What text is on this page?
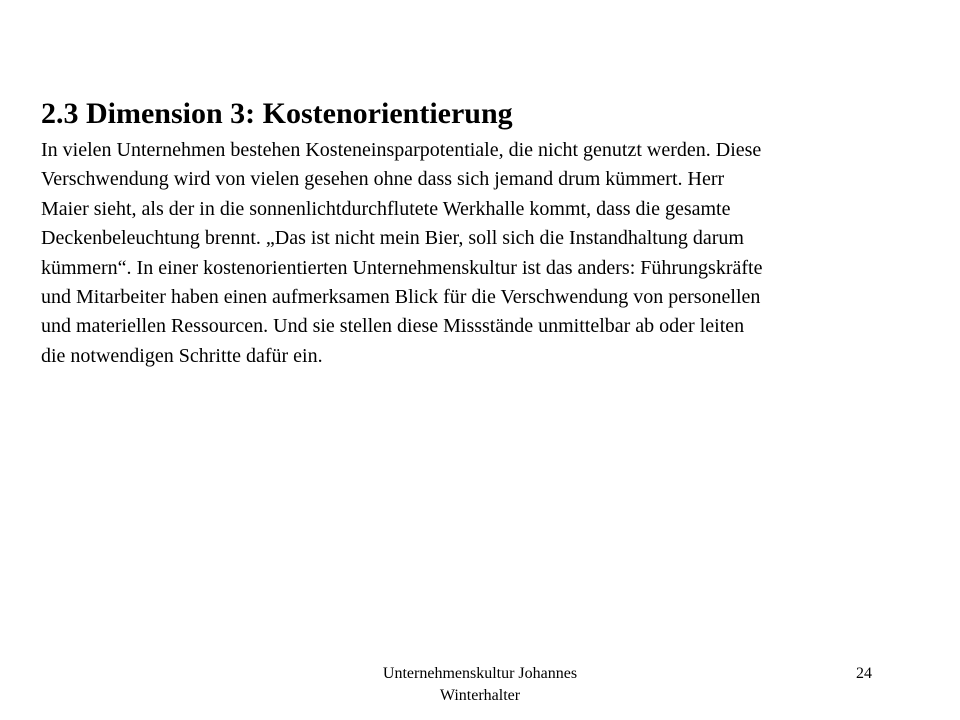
2.3 Dimension 3: Kostenorientierung

In vielen Unternehmen bestehen Kosteneinsparpotentiale, die nicht genutzt werden. Diese
Verschwendung wird von vielen gesehen ohne dass sich jemand drum kümmert. Herr
Maier sieht, als der in die sonnenlichtdurchflutete Werkhalle kommt, dass die gesamte
Deckenbeleuchtung brennt. „Das ist nicht mein Bier, soll sich die Instandhaltung darum
kümmern“. In einer kostenorientierten Unternehmenskultur ist das anders: Führungskräfte
und Mitarbeiter haben einen aufmerksamen Blick für die Verschwendung von personellen
und materiellen Ressourcen. Und sie stellen diese Missstände unmittelbar ab oder leiten
die notwendigen Schritte dafür ein.

Unternehmenskultur Johannes
Winterhalter
24
